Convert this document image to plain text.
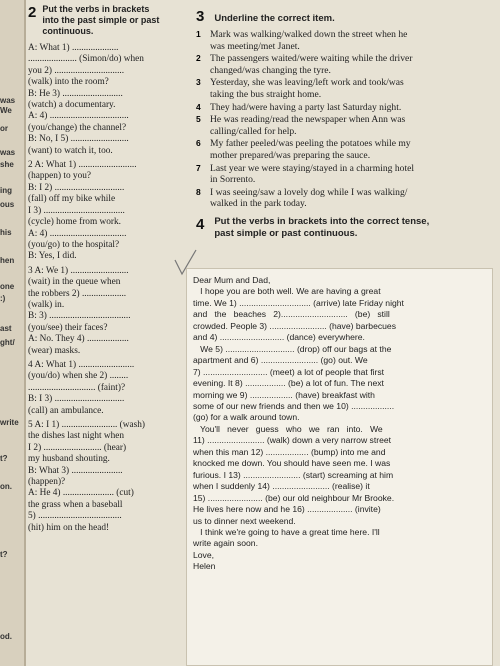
was
We
or
was
she
ing
ous
his
hen
one
:)
ast
ght/
write
t?
on.
t?
od.
2 Put the verbs in brackets
into the past simple or past
continuous.
A: What 1) ....................
..................... (Simon/do) when
you 2) ..............................
(walk) into the room?
B: He 3) ..........................
(watch) a documentary.
A: 4) ..................................
(you/change) the channel?
B: No, I 5) .........................
(want) to watch it, too.
2 A: What 1) .........................
(happen) to you?
B: I 2) ..............................
(fall) off my bike while
I 3) ...................................
(cycle) home from work.
A: 4) .................................
(you/go) to the hospital?
B: Yes, I did.
3 A: We 1) .........................
(wait) in the queue when
the robbers 2) ...................
(walk) in.
B: 3) ...................................
(you/see) their faces?
A: No. They 4) ..................
(wear) masks.
4 A: What 1) ........................
(you/do) when she 2) ........
............................. (faint)?
B: I 3) ..............................
(call) an ambulance.
5 A: I 1) ........................ (wash)
the dishes last night when
I 2) ......................... (hear)
my husband shouting.
B: What 3) ......................
(happen)?
A: He 4) ...................... (cut)
the grass when a baseball
5) ....................................
(hit) him on the head!
3 Underline the correct item.
1 Mark was walking/walked down the street when he
was meeting/met Janet.
2 The passengers waited/were waiting while the driver
changed/was changing the tyre.
3 Yesterday, she was leaving/left work and took/was
taking the bus straight home.
4 They had/were having a party last Saturday night.
5 He was reading/read the newspaper when Ann was
calling/called for help.
6 My father peeled/was peeling the potatoes while my
mother prepared/was preparing the sauce.
7 Last year we were staying/stayed in a charming hotel
in Sorrento.
8 I was seeing/saw a lovely dog while I was walking/
walked in the park today.
4 Put the verbs in brackets into the correct tense,
past simple or past continuous.
Dear Mum and Dad,
I hope you are both well. We are having a great
time. We 1) .............................. (arrive) late Friday night
and   the   beaches   2)............................   (be)   still
crowded. People 3) ........................ (have) barbecues
and 4) ........................... (dance) everywhere.
We 5) ............................. (drop) off our bags at the
apartment and 6) ........................ (go) out. We
7) ........................... (meet) a lot of people that first
evening. It 8) ................. (be) a lot of fun. The next
morning we 9) .................. (have) breakfast with
some of our new friends and then we 10) ..................
(go) for a walk around town.
You'll   never   guess   who   we   ran   into.   We
11) ........................ (walk) down a very narrow street
when this man 12) .................. (bump) into me and
knocked me down. You should have seen me. I was
furious. I 13) ........................ (start) screaming at him
when I suddenly 14) ........................ (realise) it
15) ....................... (be) our old neighbour Mr Brooke.
He lives here now and he 16) ................... (invite)
us to dinner next weekend.
I think we're going to have a great time here. I'll
write again soon.
Love,
Helen
